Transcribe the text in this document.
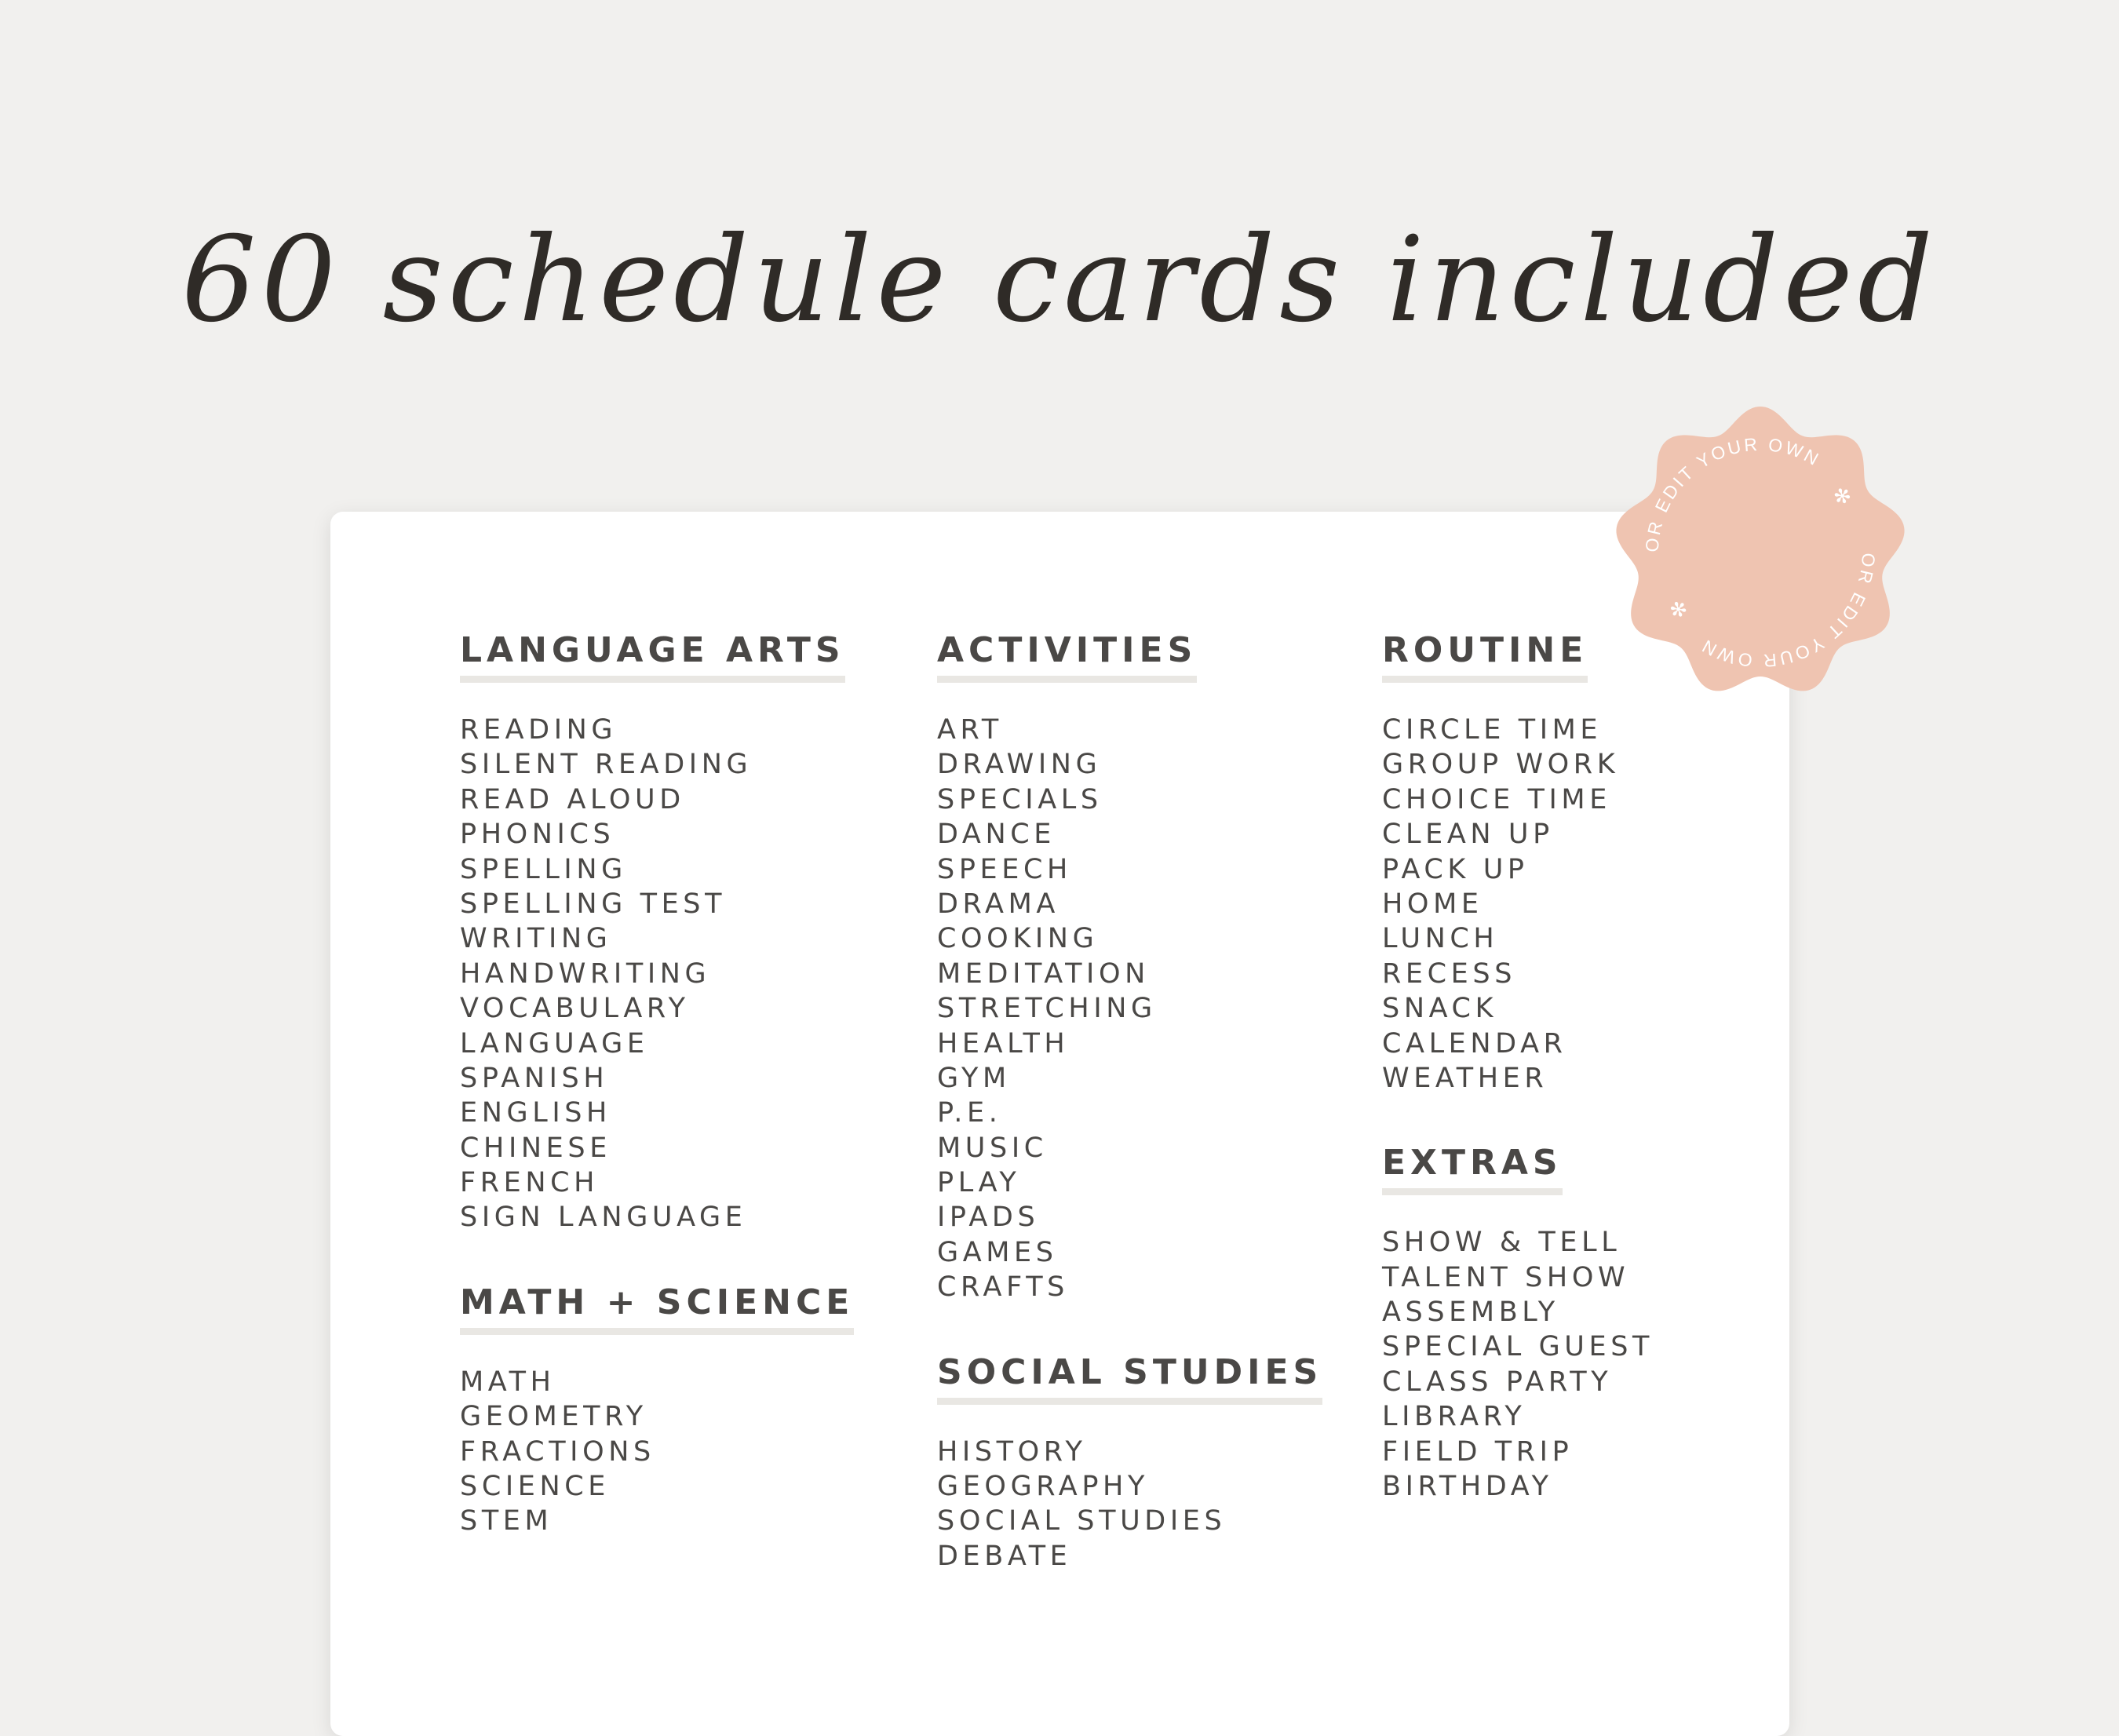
60 schedule cards included
LANGUAGE ARTS
READING
SILENT READING
READ ALOUD
PHONICS
SPELLING
SPELLING TEST
WRITING
HANDWRITING
VOCABULARY
LANGUAGE
SPANISH
ENGLISH
CHINESE
FRENCH
SIGN LANGUAGE
MATH + SCIENCE
MATH
GEOMETRY
FRACTIONS
SCIENCE
STEM
ACTIVITIES
ART
DRAWING
SPECIALS
DANCE
SPEECH
DRAMA
COOKING
MEDITATION
STRETCHING
HEALTH
GYM
P.E.
MUSIC
PLAY
IPADS
GAMES
CRAFTS
SOCIAL STUDIES
HISTORY
GEOGRAPHY
SOCIAL STUDIES
DEBATE
ROUTINE
CIRCLE TIME
GROUP WORK
CHOICE TIME
CLEAN UP
PACK UP
HOME
LUNCH
RECESS
SNACK
CALENDAR
WEATHER
EXTRAS
SHOW & TELL
TALENT SHOW
ASSEMBLY
SPECIAL GUEST
CLASS PARTY
LIBRARY
FIELD TRIP
BIRTHDAY
OR EDIT YOUR OWN
OR EDIT YOUR OWN
✻
✻
